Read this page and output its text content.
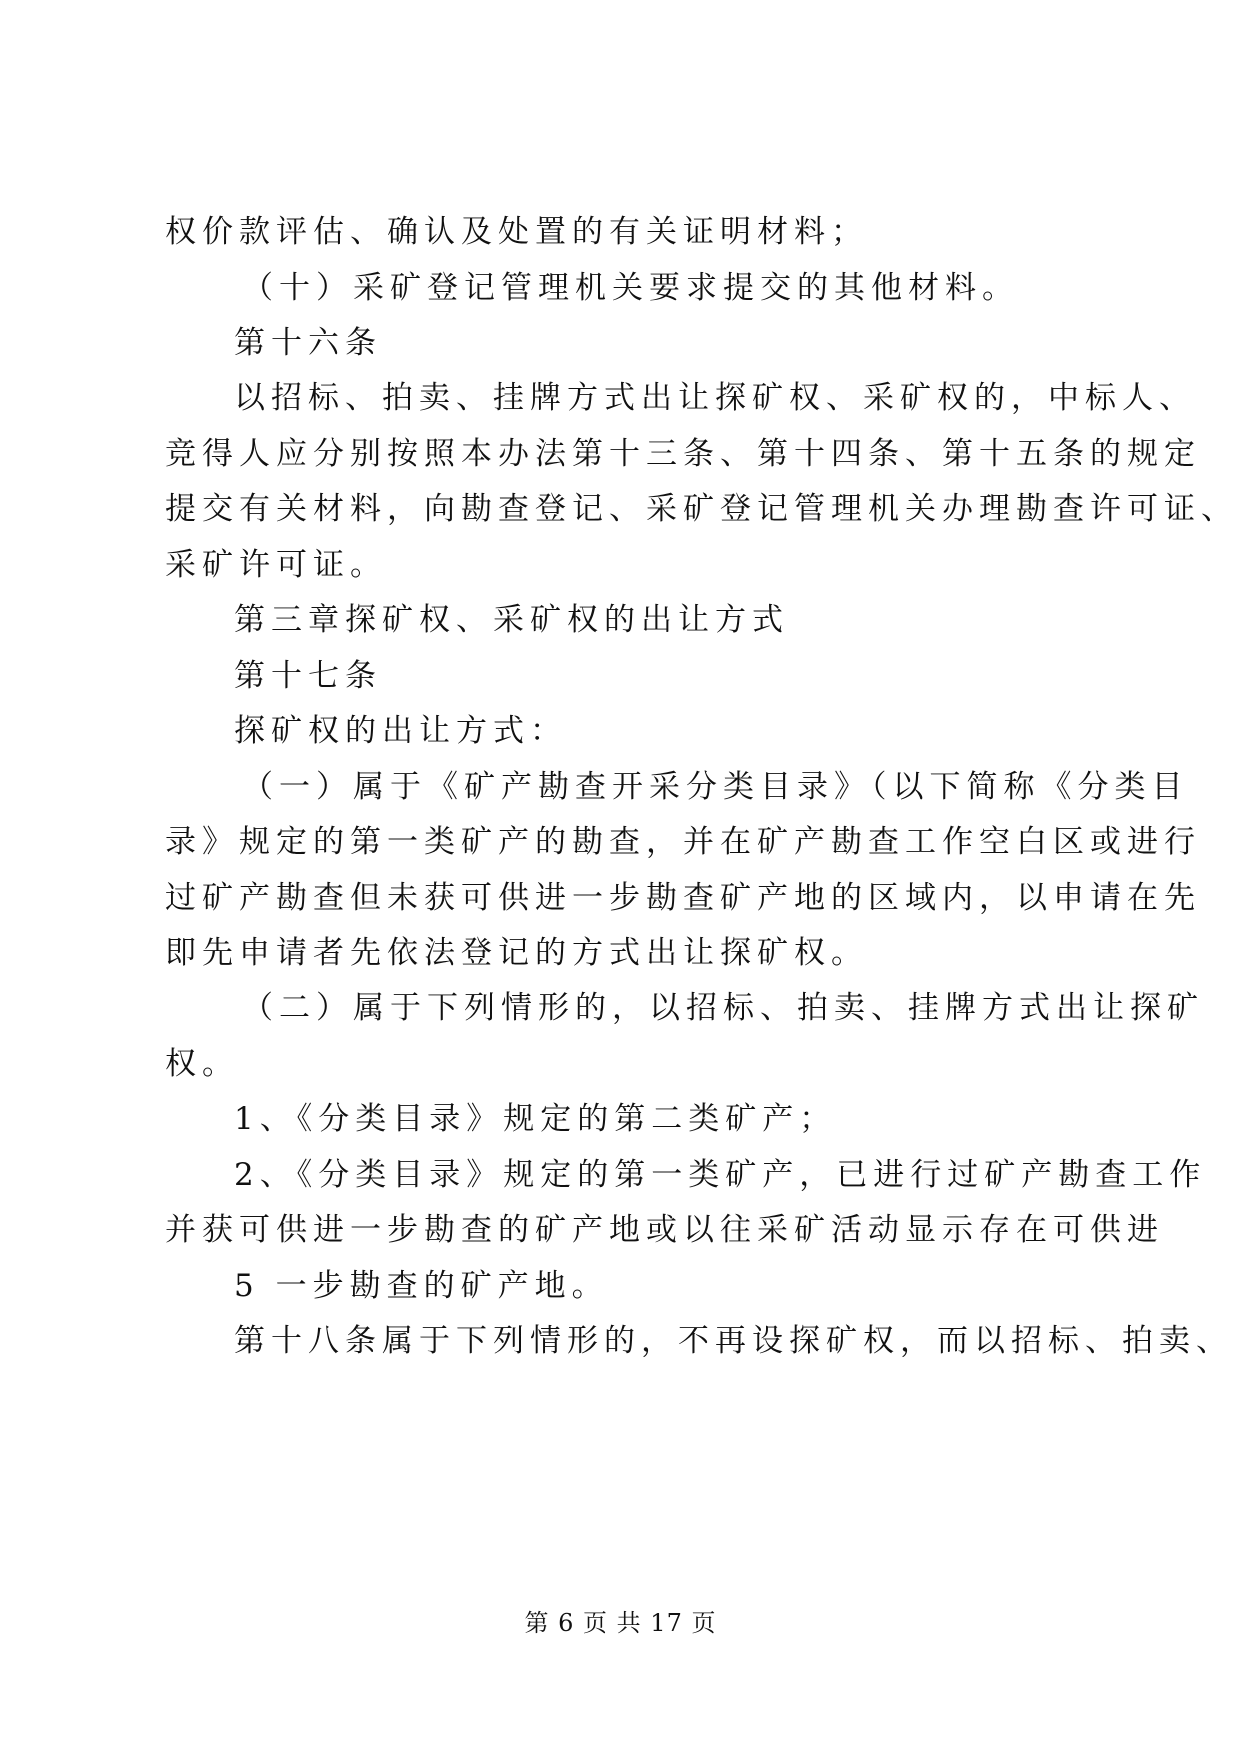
权价款评估、确认及处置的有关证明材料；
（十）采矿登记管理机关要求提交的其他材料。
第十六条
以招标、拍卖、挂牌方式出让探矿权、采矿权的，中标人、
竞得人应分别按照本办法第十三条、第十四条、第十五条的规定
提交有关材料，向勘查登记、采矿登记管理机关办理勘查许可证、
采矿许可证。
第三章探矿权、采矿权的出让方式
第十七条
探矿权的出让方式：
（一）属于《矿产勘查开采分类目录》（以下简称《分类目
录》规定的第一类矿产的勘查，并在矿产勘查工作空白区或进行
过矿产勘查但未获可供进一步勘查矿产地的区域内，以申请在先
即先申请者先依法登记的方式出让探矿权。
（二）属于下列情形的，以招标、拍卖、挂牌方式出让探矿
权。
1、《分类目录》规定的第二类矿产；
2、《分类目录》规定的第一类矿产，已进行过矿产勘查工作
并获可供进一步勘查的矿产地或以往采矿活动显示存在可供进
5 一步勘查的矿产地。
第十八条属于下列情形的，不再设探矿权，而以招标、拍卖、
第 6 页 共 17 页
